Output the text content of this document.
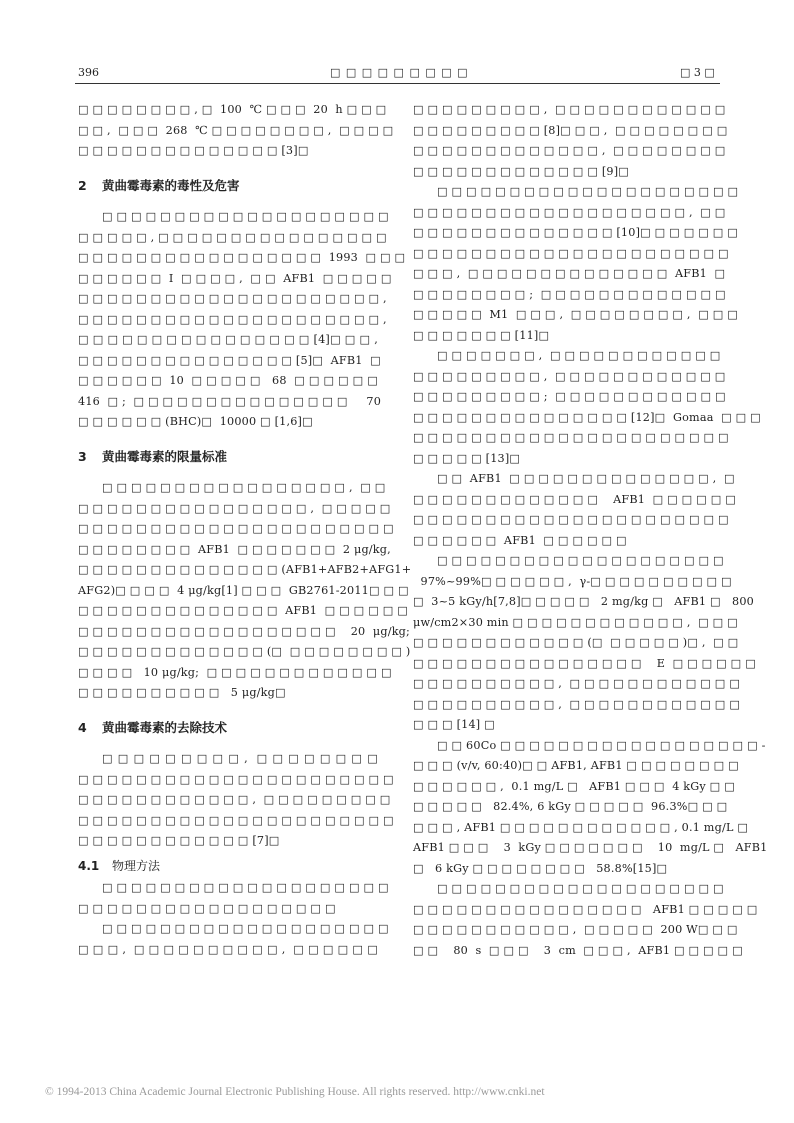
396	□ □ □ □ □ □ □ □ □	□ 3 □
□ □ □ □ □ □ □ □ , □  100  ℃ □ □ □  20  h □ □ □
□ □ ,  □ □ □  268  ℃ □ □ □ □ □ □ □ □ ,  □ □ □ □
□ □ □ □ □ □ □ □ □ □ □ □ □ □ [3]□
2 黄曲霉毒素的毒性及危害
□ □ □ □ □ □ □ □ □ □ □ □ □ □ □ □ □ □ □ □
□ □ □ □ □ , □ □ □ □ □ □ □ □ □ □ □ □ □ □ □ □
□ □ □ □ □ □ □ □ □ □ □ □ □ □ □ □ □  1993  □ □ □
□ □ □ □ □ □  I  □ □ □ □ ,  □ □  AFB1  □ □ □ □ □
□ □ □ □ □ □ □ □ □ □ □ □ □ □ □ □ □ □ □ □ □ ,
□ □ □ □ □ □ □ □ □ □ □ □ □ □ □ □ □ □ □ □ □ ,
□ □ □ □ □ □ □ □ □ □ □ □ □ □ □ □ [4]□ □ □ ,
□ □ □ □ □ □ □ □ □ □ □ □ □ □ □ [5]□  AFB1  □
□ □ □ □ □ □  10  □ □ □ □ □   68  □ □ □ □ □ □
416  □ ;  □ □ □ □ □ □ □ □ □ □ □ □ □ □ □     70
□ □ □ □ □ □ (BHC)□  10000 □ [1,6]□
3 黄曲霉毒素的限量标准
□ □ □ □ □ □ □ □ □ □ □ □ □ □ □ □ □ ,  □ □
□ □ □ □ □ □ □ □ □ □ □ □ □ □ □ □ ,  □ □ □ □ □
□ □ □ □ □ □ □ □ □ □ □ □ □ □ □ □ □ □ □ □ □ □
□ □ □ □ □ □ □ □  AFB1  □ □ □ □ □ □ □  2 μg/kg,
□ □ □ □ □ □ □ □ □ □ □ □ □ □ (AFB1+AFB2+AFG1+
AFG2)□ □ □ □  4 μg/kg[1] □ □ □  GB2761-2011□ □ □
□ □ □ □ □ □ □ □ □ □ □ □ □ □  AFB1  □ □ □ □ □ □
□ □ □ □ □ □ □ □ □ □ □ □ □ □ □ □ □ □    20  μg/kg;
□ □ □ □ □ □ □ □ □ □ □ □ □ (□  □ □ □ □ □ □ □ □ )
□ □ □ □   10 μg/kg;  □ □ □ □ □ □ □ □ □ □ □ □ □
□ □ □ □ □ □ □ □ □ □   5 μg/kg□
4 黄曲霉毒素的去除技术
□ □ □ □ □ □ □ □ □ ,  □ □ □ □ □ □ □ □
□ □ □ □ □ □ □ □ □ □ □ □ □ □ □ □ □ □ □ □ □ □
□ □ □ □ □ □ □ □ □ □ □ □ ,  □ □ □ □ □ □ □ □ □
□ □ □ □ □ □ □ □ □ □ □ □ □ □ □ □ □ □ □ □ □ □
□ □ □ □ □ □ □ □ □ □ □ □ [7]□
4.1 物理方法
□ □ □ □ □ □ □ □ □ □ □ □ □ □ □ □ □ □ □ □
□ □ □ □ □ □ □ □ □ □ □ □ □ □ □ □ □ □
□ □ □ □ □ □ □ □ □ □ □ □ □ □ □ □ □ □ □ □
□ □ □ ,  □ □ □ □ □ □ □ □ □ □ ,  □ □ □ □ □ □
□ □ □ □ □ □ □ □ □ ,  □ □ □ □ □ □ □ □ □ □ □ □
□ □ □ □ □ □ □ □ □ [8]□ □ □ ,  □ □ □ □ □ □ □ □
□ □ □ □ □ □ □ □ □ □ □ □ □ ,  □ □ □ □ □ □ □ □
□ □ □ □ □ □ □ □ □ □ □ □ □ [9]□
□ □ □ □ □ □ □ □ □ □ □ □ □ □ □ □ □ □ □ □ □
□ □ □ □ □ □ □ □ □ □ □ □ □ □ □ □ □ □ □ ,  □ □
□ □ □ □ □ □ □ □ □ □ □ □ □ □ [10]□ □ □ □ □ □ □
□ □ □ □ □ □ □ □ □ □ □ □ □ □ □ □ □ □ □ □ □ □
□ □ □ ,  □ □ □ □ □ □ □ □ □ □ □ □ □ □  AFB1  □
□ □ □ □ □ □ □ □ ;  □ □ □ □ □ □ □ □ □ □ □ □ □
□ □ □ □ □  M1  □ □ □ ,  □ □ □ □ □ □ □ □ ,  □ □ □
□ □ □ □ □ □ □ [11]□
□ □ □ □ □ □ □ ,  □ □ □ □ □ □ □ □ □ □ □ □
□ □ □ □ □ □ □ □ □ ,  □ □ □ □ □ □ □ □ □ □ □ □
□ □ □ □ □ □ □ □ □ ;  □ □ □ □ □ □ □ □ □ □ □ □
□ □ □ □ □ □ □ □ □ □ □ □ □ □ □ [12]□  Gomaa  □ □ □
□ □ □ □ □ □ □ □ □ □ □ □ □ □ □ □ □ □ □ □ □ □
□ □ □ □ □ [13]□
□ □  AFB1  □ □ □ □ □ □ □ □ □ □ □ □ □ □ ,  □
□ □ □ □ □ □ □ □ □ □ □ □ □    AFB1  □ □ □ □ □ □
□ □ □ □ □ □ □ □ □ □ □ □ □ □ □ □ □ □ □ □ □ □
□ □ □ □ □ □  AFB1  □ □ □ □ □ □
□ □ □ □ □ □ □ □ □ □ □ □ □ □ □ □ □ □ □ □
97%~99%□ □ □ □ □ □ ,  γ-□ □ □ □ □ □ □ □ □ □
□  3~5 kGy/h[7,8]□ □ □ □ □   2 mg/kg □   AFB1 □   800
μw/cm2×30 min □ □ □ □ □ □ □ □ □ □ □ □ ,  □ □ □
□ □ □ □ □ □ □ □ □ □ □ □ (□  □ □ □ □ □ )□ ,  □ □
□ □ □ □ □ □ □ □ □ □ □ □ □ □ □ □    E  □ □ □ □ □ □
□ □ □ □ □ □ □ □ □ □ ,  □ □ □ □ □ □ □ □ □ □ □ □
□ □ □ □ □ □ □ □ □ □ ,  □ □ □ □ □ □ □ □ □ □ □ □
□ □ □ [14] □
□ □ 60Co □ □ □ □ □ □ □ □ □ □ □ □ □ □ □ □ □ □ -
□ □ □ (v/v, 60:40)□ □ AFB1, AFB1 □ □ □ □ □ □ □ □
□ □ □ □ □ □ ,  0.1 mg/L □   AFB1 □ □ □  4 kGy □ □
□ □ □ □ □   82.4%, 6 kGy □ □ □ □ □  96.3%□ □ □
□ □ □ , AFB1 □ □ □ □ □ □ □ □ □ □ □ □ , 0.1 mg/L □
AFB1 □ □ □    3  kGy □ □ □ □ □ □ □    10  mg/L □   AFB1
□   6 kGy □ □ □ □ □ □ □ □   58.8%[15]□
□ □ □ □ □ □ □ □ □ □ □ □ □ □ □ □ □ □ □ □
□ □ □ □ □ □ □ □ □ □ □ □ □ □ □ □   AFB1 □ □ □ □ □
□ □ □ □ □ □ □ □ □ □ □ ,  □ □ □ □ □  200 W□ □ □
□ □    80  s  □ □ □    3  cm  □ □ □ ,  AFB1 □ □ □ □ □
© 1994-2013 China Academic Journal Electronic Publishing House. All rights reserved. http://www.cnki.net
